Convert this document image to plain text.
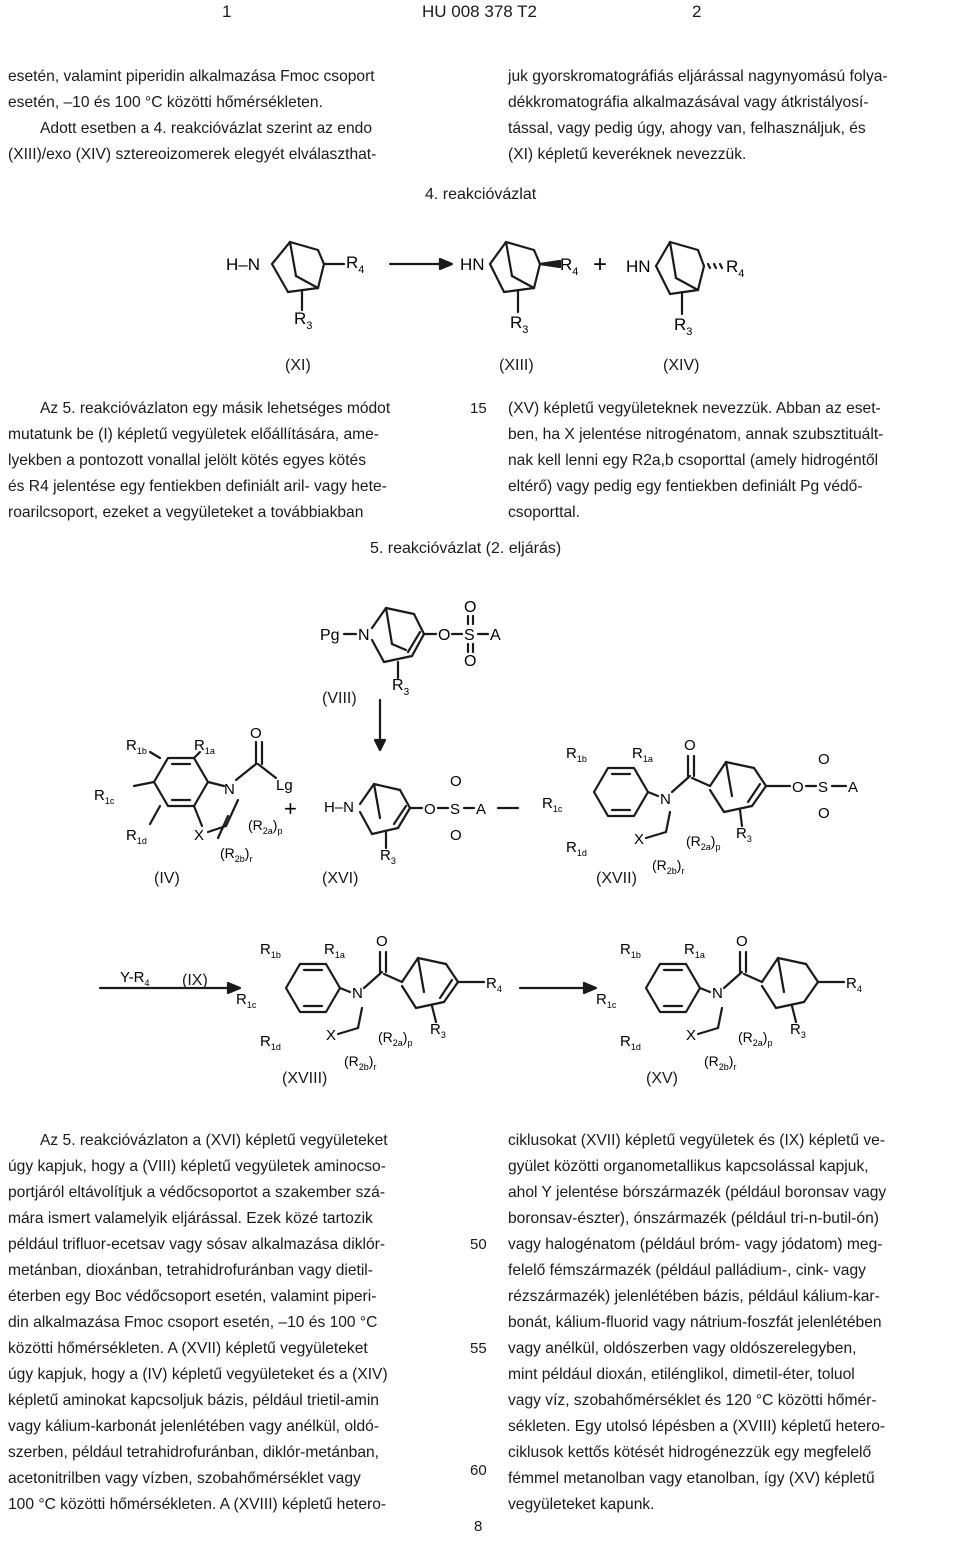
1	HU 008 378 T2	2

esetén, valamint piperidin alkalmazása Fmoc csoport

esetén, –10 és 100 °C közötti hőmérsékleten.

Adott esetben a 4. reakcióvázlat szerint az endo

(XIII)/exo (XIV) sztereoizomerek elegyét elválaszthat-

juk gyorskromatográfiás eljárással nagynyomású folya-

dékkromatográfia alkalmazásával vagy átkristályosí-

tással, vagy pedig úgy, ahogy van, felhasználjuk, és

(XI) képletű keveréknek nevezzük.

4. reakcióvázlat
H–N	$R_4$
$R_3$
HN	$R_4$
$R_3$
+ HN	$R_4$
$R_3$
(XI)	(XIII)	(XIV)

Az 5. reakcióvázlaton egy másik lehetséges módot

mutatunk be (I) képletű vegyületek előállítására, ame-

lyekben a pontozott vonallal jelölt kötés egyes kötés

és R4 jelentése egy fentiekben definiált aril- vagy hete-

roarilcsoport, ezeket a vegyületeket a továbbiakban

15 (XV) képletű vegyületeknek nevezzük. Abban az eset-

ben, ha X jelentése nitrogénatom, annak szubsztituált-

nak kell lenni egy R2a,b csoporttal (amely hidrogéntől

eltérő) vagy pedig egy fentiekben definiált Pg védő-

csoporttal.

5. reakcióvázlat (2. eljárás)
Pg N	O S A
O
O
$R_3$
$R_{1b}$	$R_{1a}$
$R_{1c}$
$R_{1d}$
N
O
Lg
X
$(R_{2a})_p$
$(R_{2b})_r$
+ H–N	O S A
O
O
$R_3$
$R_{1b}$	$R_{1a}$
$R_{1c}$
$R_{1d}$
N
O
O S A
O
O
$R_3$
X	$(R_{2a})_p$
$(R_{2b})_r$
$Y-R_4$
$R_{1b}$	$R_{1a}$
$R_{1c}$
$R_{1d}$
N
O
$R_4$
$R_3$
X	$(R_{2a})_p$
$(R_{2b})_r$
$R_{1b}$	$R_{1a}$
$R_{1c}$
$R_{1d}$
N
O
$R_4$
$R_3$
X	$(R_{2a})_p$
$(R_{2b})_r$
(VIII)
(IV)	(XVI)	(XVII)
(IX)
(XVIII)	(XV)

Az 5. reakcióvázlaton a (XVI) képletű vegyületeket

úgy kapjuk, hogy a (VIII) képletű vegyületek aminocso-

portjáról eltávolítjuk a védőcsoportot a szakember szá-

mára ismert valamelyik eljárással. Ezek közé tartozik

például trifluor-ecetsav vagy sósav alkalmazása diklór-

metánban, dioxánban, tetrahidrofuránban vagy dietil-

éterben egy Boc védőcsoport esetén, valamint piperi-

din alkalmazása Fmoc csoport esetén, –10 és 100 °C

közötti hőmérsékleten. A (XVII) képletű vegyületeket

úgy kapjuk, hogy a (IV) képletű vegyületeket és a (XIV)

képletű aminokat kapcsoljuk bázis, például trietil-amin

vagy kálium-karbonát jelenlétében vagy anélkül, oldó-

szerben, például tetrahidrofuránban, diklór-metánban,

acetonitrilben vagy vízben, szobahőmérséklet vagy

100 °C közötti hőmérsékleten. A (XVIII) képletű hetero-

50
55
60

ciklusokat (XVII) képletű vegyületek és (IX) képletű ve-

gyület közötti organometallikus kapcsolással kapjuk,

ahol Y jelentése bórszármazék (például boronsav vagy

boronsav-észter), ónszármazék (például tri-n-butil-ón)

vagy halogénatom (például bróm- vagy jódatom) meg-

felelő fémszármazék (például palládium-, cink- vagy

rézszármazék) jelenlétében bázis, például kálium-kar-

bonát, kálium-fluorid vagy nátrium-foszfát jelenlétében

vagy anélkül, oldószerben vagy oldószerelegyben,

mint például dioxán, etilénglikol, dimetil-éter, toluol

vagy víz, szobahőmérséklet és 120 °C közötti hőmér-

sékleten. Egy utolsó lépésben a (XVIII) képletű hetero-

ciklusok kettős kötését hidrogénezzük egy megfelelő

fémmel metanolban vagy etanolban, így (XV) képletű

vegyületeket kapunk.

8
